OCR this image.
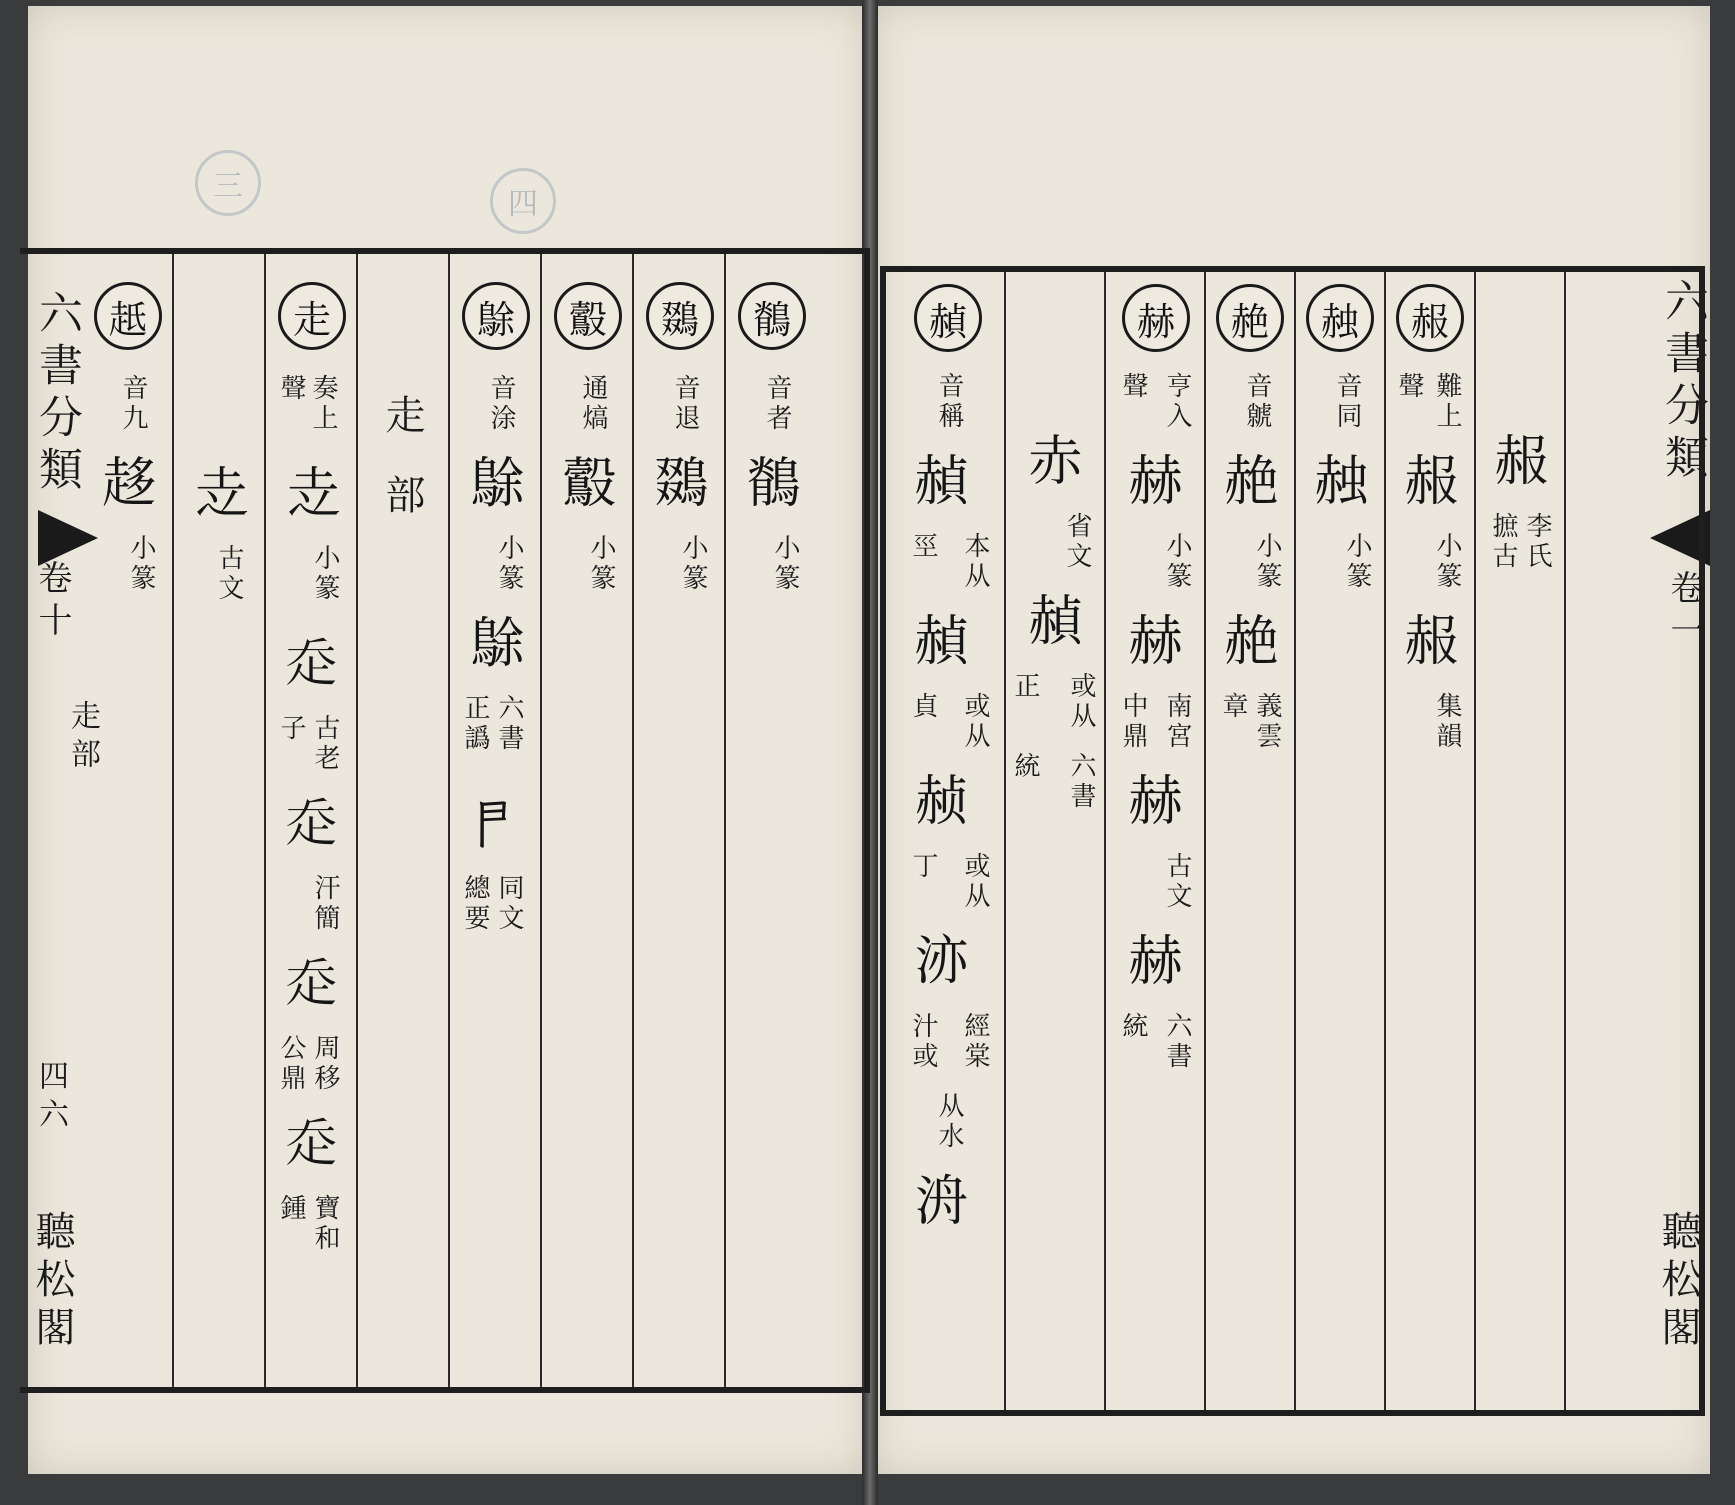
三
四
六書分類
卷十
走部
四六
聽松閣
六書分類
卷一
聽松閣
赿
音九
趍
小篆
赱
古文
走
奏上
聲
赱
小篆
𧺆
古老
子
𧺆
汗簡
𧺆
周移
公鼎
𧺆
寶和
鍾
走
部
鵌
音涂
鵌
小篆
鵌
六書
正譌
𠁣
同文
總要
鷇
通熇
鷇
小篆
鵽
音退
鵽
小篆
鶺
音者
鶺
小篆
赬
音稱
赬
本从
巠
赬
或从
貞
赪
或从
丁
洂
經棠
汁或
从水
洀
赤
省文
赬
或从
正
六書
統
赫
亨入
聲
赫
小篆
赫
南宮
中鼎
赫
古文
赫
六書
統
赩
音虩
赩
小篆
赩
義雲
章
赨
音同
赨
小篆
赧
難上
聲
赧
小篆
赧
集韻
赧
李氏
摭古
